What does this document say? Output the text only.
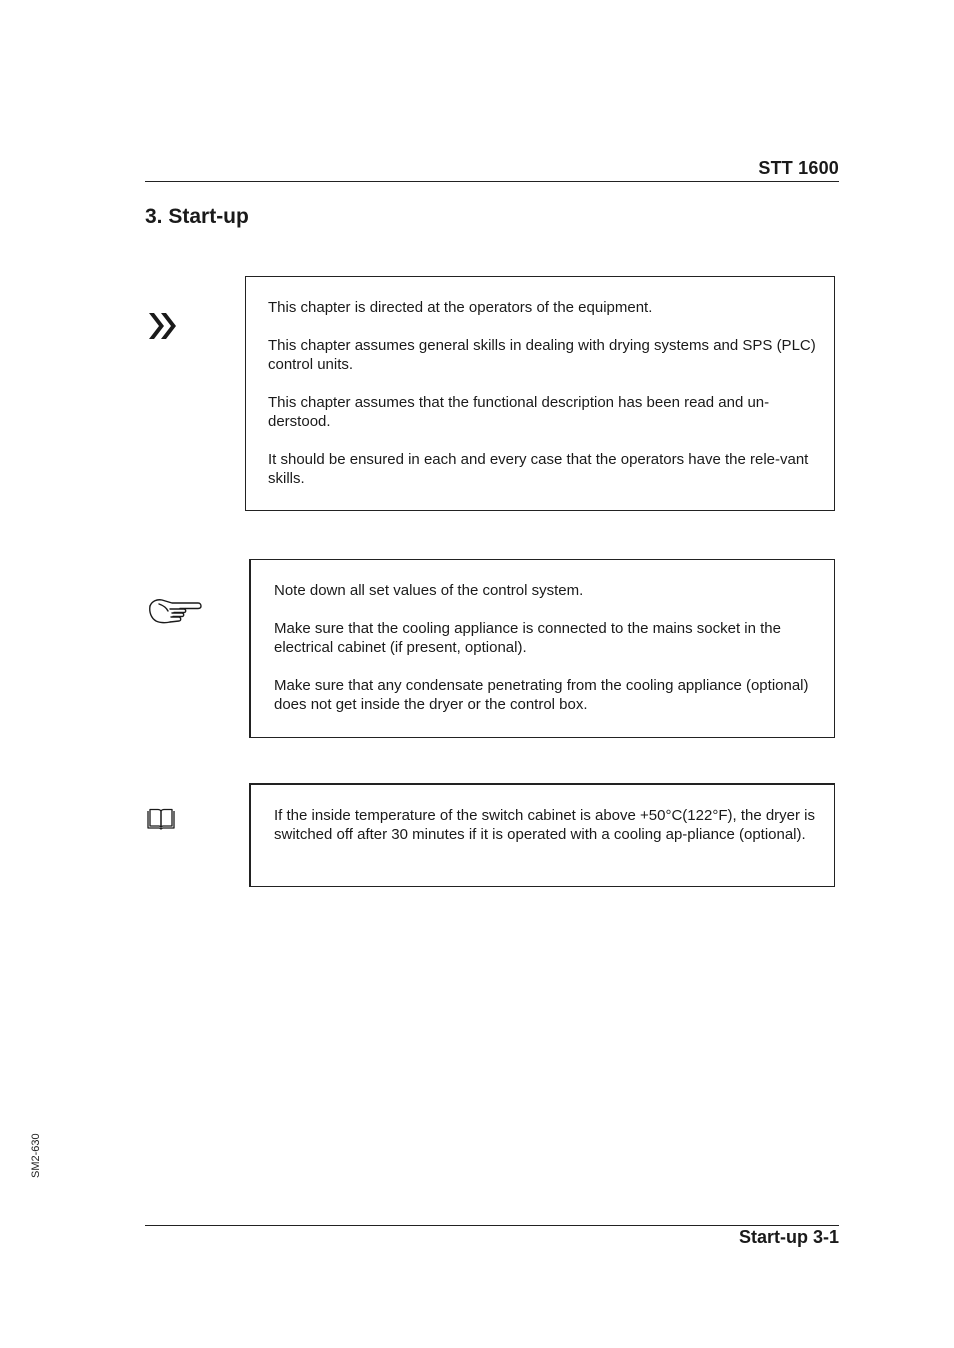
STT 1600
3. Start-up

This chapter is directed at the operators of the equipment.

This chapter assumes general skills in dealing with drying systems and SPS (PLC) control units.

This chapter assumes that the functional description has been read and un-derstood.

It should be ensured in each and every case that the operators have the rele-vant skills.

Note down all set values of the control system.

Make sure that the cooling appliance is connected to the mains socket in the electrical cabinet (if present, optional).

Make sure that any condensate penetrating from the cooling appliance (optional) does not get inside the dryer or the control box.

If the inside temperature of the switch cabinet is above +50°C(122°F), the dryer is switched off after 30 minutes if it is operated with a cooling ap-pliance (optional).

SM2-630
Start-up 3-1
